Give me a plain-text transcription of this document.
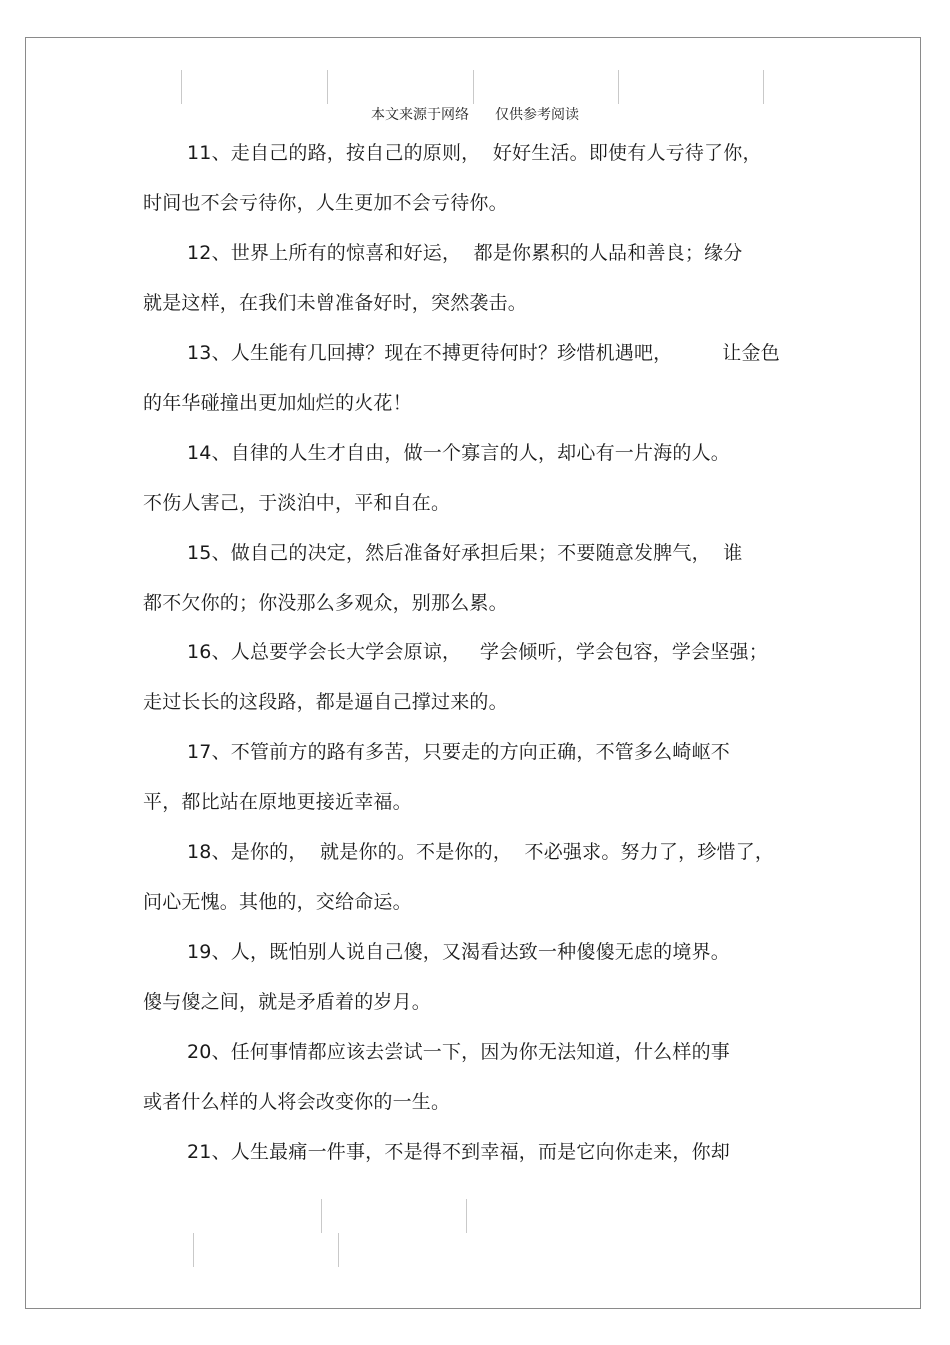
本文来源于网络 仅供参考阅读
11、走自己的路，按自己的原则，  好好生活。即使有人亏待了你，
时间也不会亏待你，人生更加不会亏待你。
12、世界上所有的惊喜和好运，  都是你累积的人品和善良；缘分
就是这样，在我们未曾准备好时，突然袭击。
13、人生能有几回搏？现在不搏更待何时？珍惜机遇吧，        让金色
的年华碰撞出更加灿烂的火花！
14、自律的人生才自由，做一个寡言的人，却心有一片海的人。
不伤人害己，于淡泊中，平和自在。
15、做自己的决定，然后准备好承担后果；不要随意发脾气，  谁
都不欠你的；你没那么多观众，别那么累。
16、人总要学会长大学会原谅，   学会倾听，学会包容，学会坚强；
走过长长的这段路，都是逼自己撑过来的。
17、不管前方的路有多苦，只要走的方向正确，不管多么崎岖不
平，都比站在原地更接近幸福。
18、是你的，  就是你的。不是你的，  不必强求。努力了，珍惜了，
问心无愧。其他的，交给命运。
19、人，既怕别人说自己傻，又渴看达致一种傻傻无虑的境界。
傻与傻之间，就是矛盾着的岁月。
20、任何事情都应该去尝试一下，因为你无法知道，什么样的事
或者什么样的人将会改变你的一生。
21、人生最痛一件事，不是得不到幸福，而是它向你走来，你却
